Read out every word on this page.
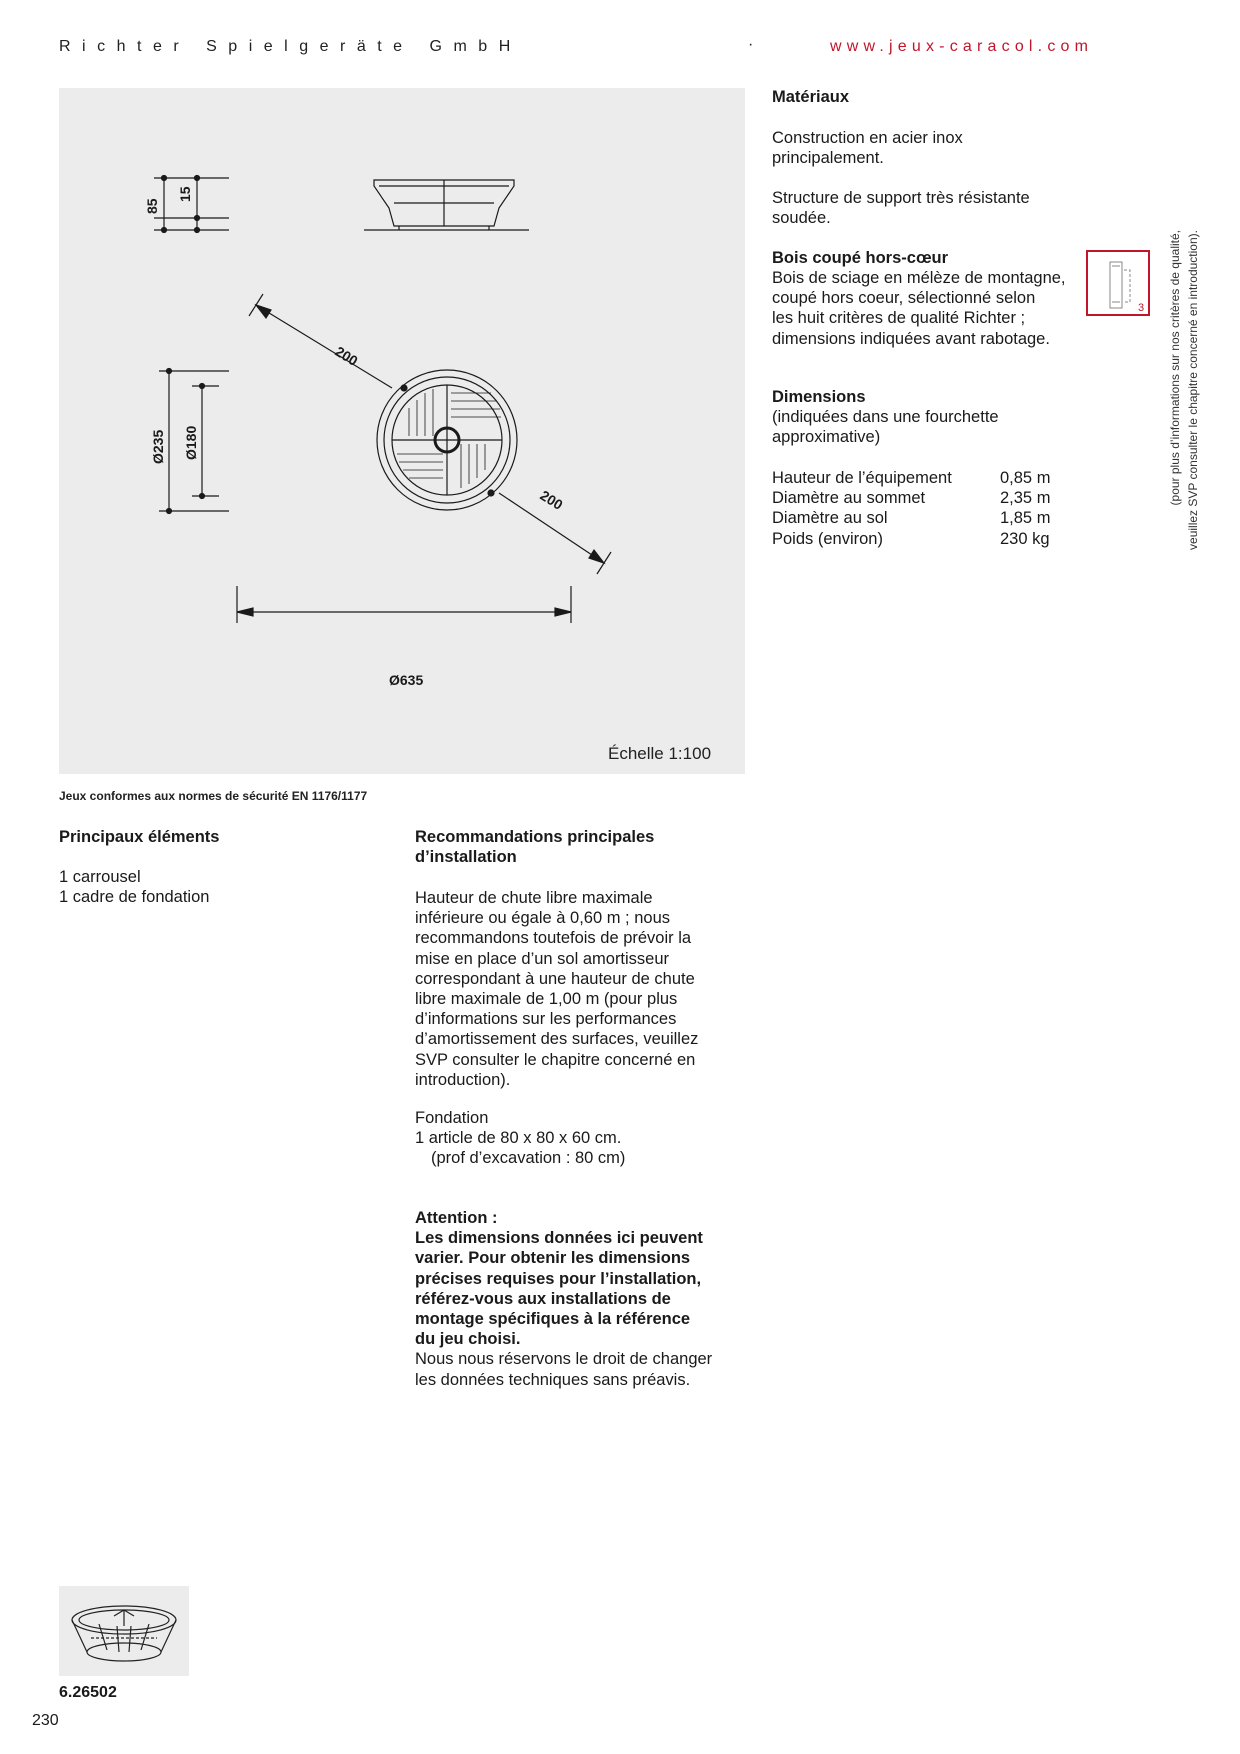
Richter Spielgeräte GmbH	·	www.jeux-caracol.com
85
15
Ø235 Ø180
200
200
Ø635
Échelle 1:100
Jeux conformes aux normes de sécurité EN 1176/1177
Matériaux
Construction en acier inox
principalement.
Structure de support très résistante
soudée.
Bois coupé hors-cœur
Bois de sciage en mélèze de montagne,
coupé hors coeur, sélectionné selon
les huit critères de qualité Richter ;
dimensions indiquées avant rabotage.
3 (pour plus d’informations sur nos critères de qualité, veuillez SVP consulter le chapitre concerné en introduction).
Dimensions
(indiquées dans une fourchette
approximative)
Hauteur de l’équipement	0,85 m
Diamètre au sommet	2,35 m
Diamètre au sol	1,85 m
Poids (environ)	230 kg
Principaux éléments
1 carrousel
1 cadre de fondation
Recommandations principales
d’installation
Hauteur de chute libre maximale
inférieure ou égale à 0,60 m ; nous
recommandons toutefois de prévoir la
mise en place d’un sol amortisseur
correspondant à une hauteur de chute
libre maximale de 1,00 m (pour plus
d’informations sur les performances
d’amortissement des surfaces, veuillez
SVP consulter le chapitre concerné en
introduction).
Fondation
1 article de 80 x 80 x 60 cm.
(prof d’excavation : 80 cm)
Attention :
Les dimensions données ici peuvent
varier. Pour obtenir les dimensions
précises requises pour l’installation,
référez-vous aux installations de
montage spécifiques à la référence
du jeu choisi.
Nous nous réservons le droit de changer
les données techniques sans préavis.
6.26502
230
